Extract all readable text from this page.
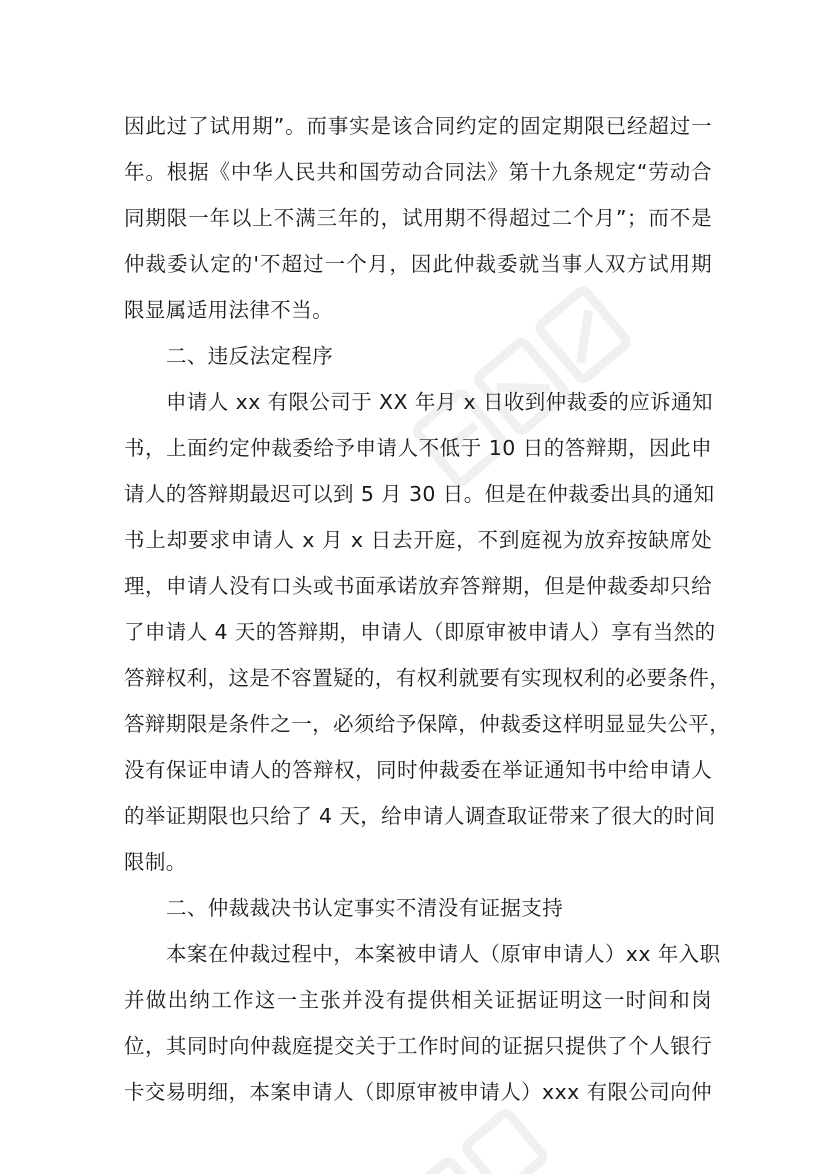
因此过了试用期”。而事实是该合同约定的固定期限已经超过一
年。根据《中华人民共和国劳动合同法》第十九条规定“劳动合
同期限一年以上不满三年的，试用期不得超过二个月”；而不是
仲裁委认定的'不超过一个月，因此仲裁委就当事人双方试用期
限显属适用法律不当。
二、违反法定程序
申请人 xx 有限公司于 XX 年月 x 日收到仲裁委的应诉通知
书，上面约定仲裁委给予申请人不低于 10 日的答辩期，因此申
请人的答辩期最迟可以到 5 月 30 日。但是在仲裁委出具的通知
书上却要求申请人 x 月 x 日去开庭，不到庭视为放弃按缺席处
理，申请人没有口头或书面承诺放弃答辩期，但是仲裁委却只给
了申请人 4 天的答辩期，申请人（即原审被申请人）享有当然的
答辩权利，这是不容置疑的，有权利就要有实现权利的必要条件，
答辩期限是条件之一，必须给予保障，仲裁委这样明显显失公平，
没有保证申请人的答辩权，同时仲裁委在举证通知书中给申请人
的举证期限也只给了 4 天，给申请人调查取证带来了很大的时间
限制。
二、仲裁裁决书认定事实不清没有证据支持
本案在仲裁过程中，本案被申请人（原审申请人）xx 年入职
并做出纳工作这一主张并没有提供相关证据证明这一时间和岗
位，其同时向仲裁庭提交关于工作时间的证据只提供了个人银行
卡交易明细，本案申请人（即原审被申请人）xxx 有限公司向仲
